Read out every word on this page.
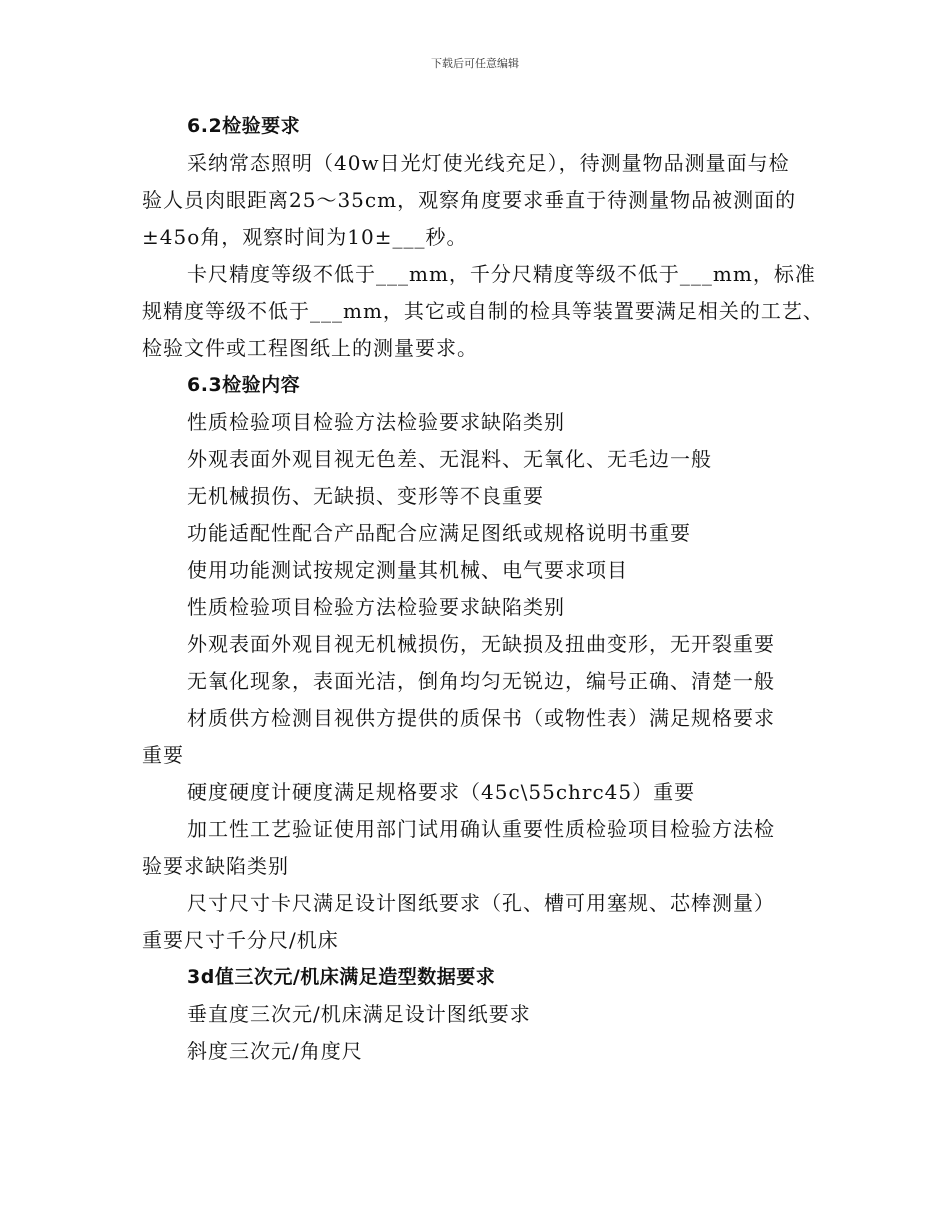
下载后可任意编辑
6.2检验要求
采纳常态照明（40w日光灯使光线充足），待测量物品测量面与检
验人员肉眼距离25～35cm，观察角度要求垂直于待测量物品被测面的
±45o角，观察时间为10±___秒。
卡尺精度等级不低于___mm，千分尺精度等级不低于___mm，标准
规精度等级不低于___mm，其它或自制的检具等装置要满足相关的工艺、
检验文件或工程图纸上的测量要求。
6.3检验内容
性质检验项目检验方法检验要求缺陷类别
外观表面外观目视无色差、无混料、无氧化、无毛边一般
无机械损伤、无缺损、变形等不良重要
功能适配性配合产品配合应满足图纸或规格说明书重要
使用功能测试按规定测量其机械、电气要求项目
性质检验项目检验方法检验要求缺陷类别
外观表面外观目视无机械损伤，无缺损及扭曲变形，无开裂重要
无氧化现象，表面光洁，倒角均匀无锐边，编号正确、清楚一般
材质供方检测目视供方提供的质保书（或物性表）满足规格要求
重要
硬度硬度计硬度满足规格要求（45c\55chrc45）重要
加工性工艺验证使用部门试用确认重要性质检验项目检验方法检
验要求缺陷类别
尺寸尺寸卡尺满足设计图纸要求（孔、槽可用塞规、芯棒测量）
重要尺寸千分尺/机床
3d值三次元/机床满足造型数据要求
垂直度三次元/机床满足设计图纸要求
斜度三次元/角度尺
